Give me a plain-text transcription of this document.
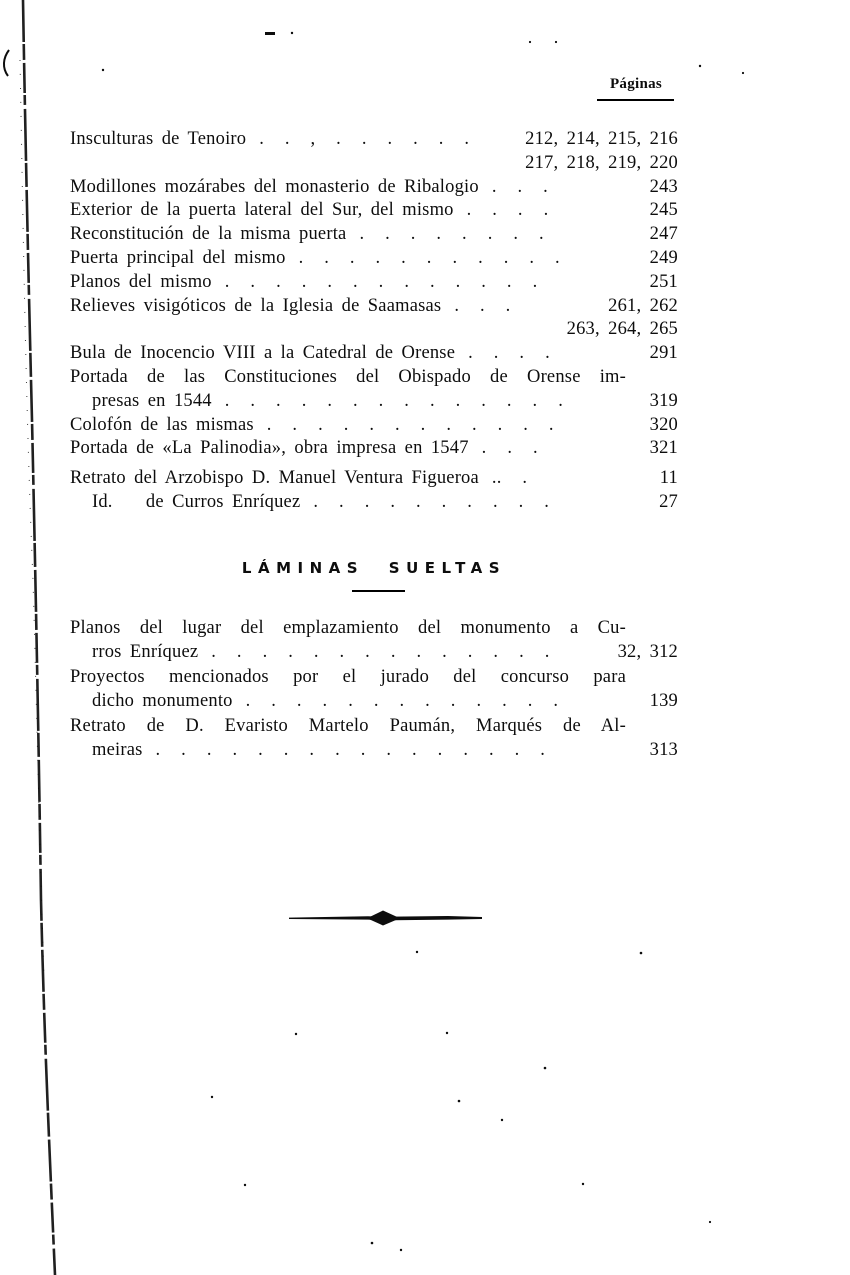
Páginas
Insculturas de Tenoiro . . , . . . . . .	212, 214, 215, 216
217, 218, 219, 220
Modillones mozárabes del monasterio de Ribalogio . . .	243
Exterior de la puerta lateral del Sur, del mismo . . . .	245
Reconstitución de la misma puerta . . . . . . . .	247
Puerta principal del mismo . . . . . . . . . . .	249
Planos del mismo . . . . . . . . . . . . .	251
Relieves visigóticos de la Iglesia de Saamasas . . .	261, 262
263, 264, 265
Bula de Inocencio VIII a la Catedral de Orense . . . .	291
Portada de las Constituciones del Obispado de Orense im-
presas en 1544 . . . . . . . . . . . . . .	319
Colofón de las mismas . . . . . . . . . . . .	320
Portada de «La Palinodia», obra impresa en 1547 . . .	321
Retrato del Arzobispo D. Manuel Ventura Figueroa .. .	11
Id.    de Curros Enríquez . . . . . . . . . .	27
LÁMINAS SUELTAS
Planos del lugar del emplazamiento del monumento a Cu-
rros Enríquez . . . . . . . . . . . . . .	32, 312
Proyectos mencionados por el jurado del concurso para
dicho monumento . . . . . . . . . . . . .	139
Retrato de D. Evaristo Martelo Paumán, Marqués de Al-
meiras . . . . . . . . . . . . . . . .	313
